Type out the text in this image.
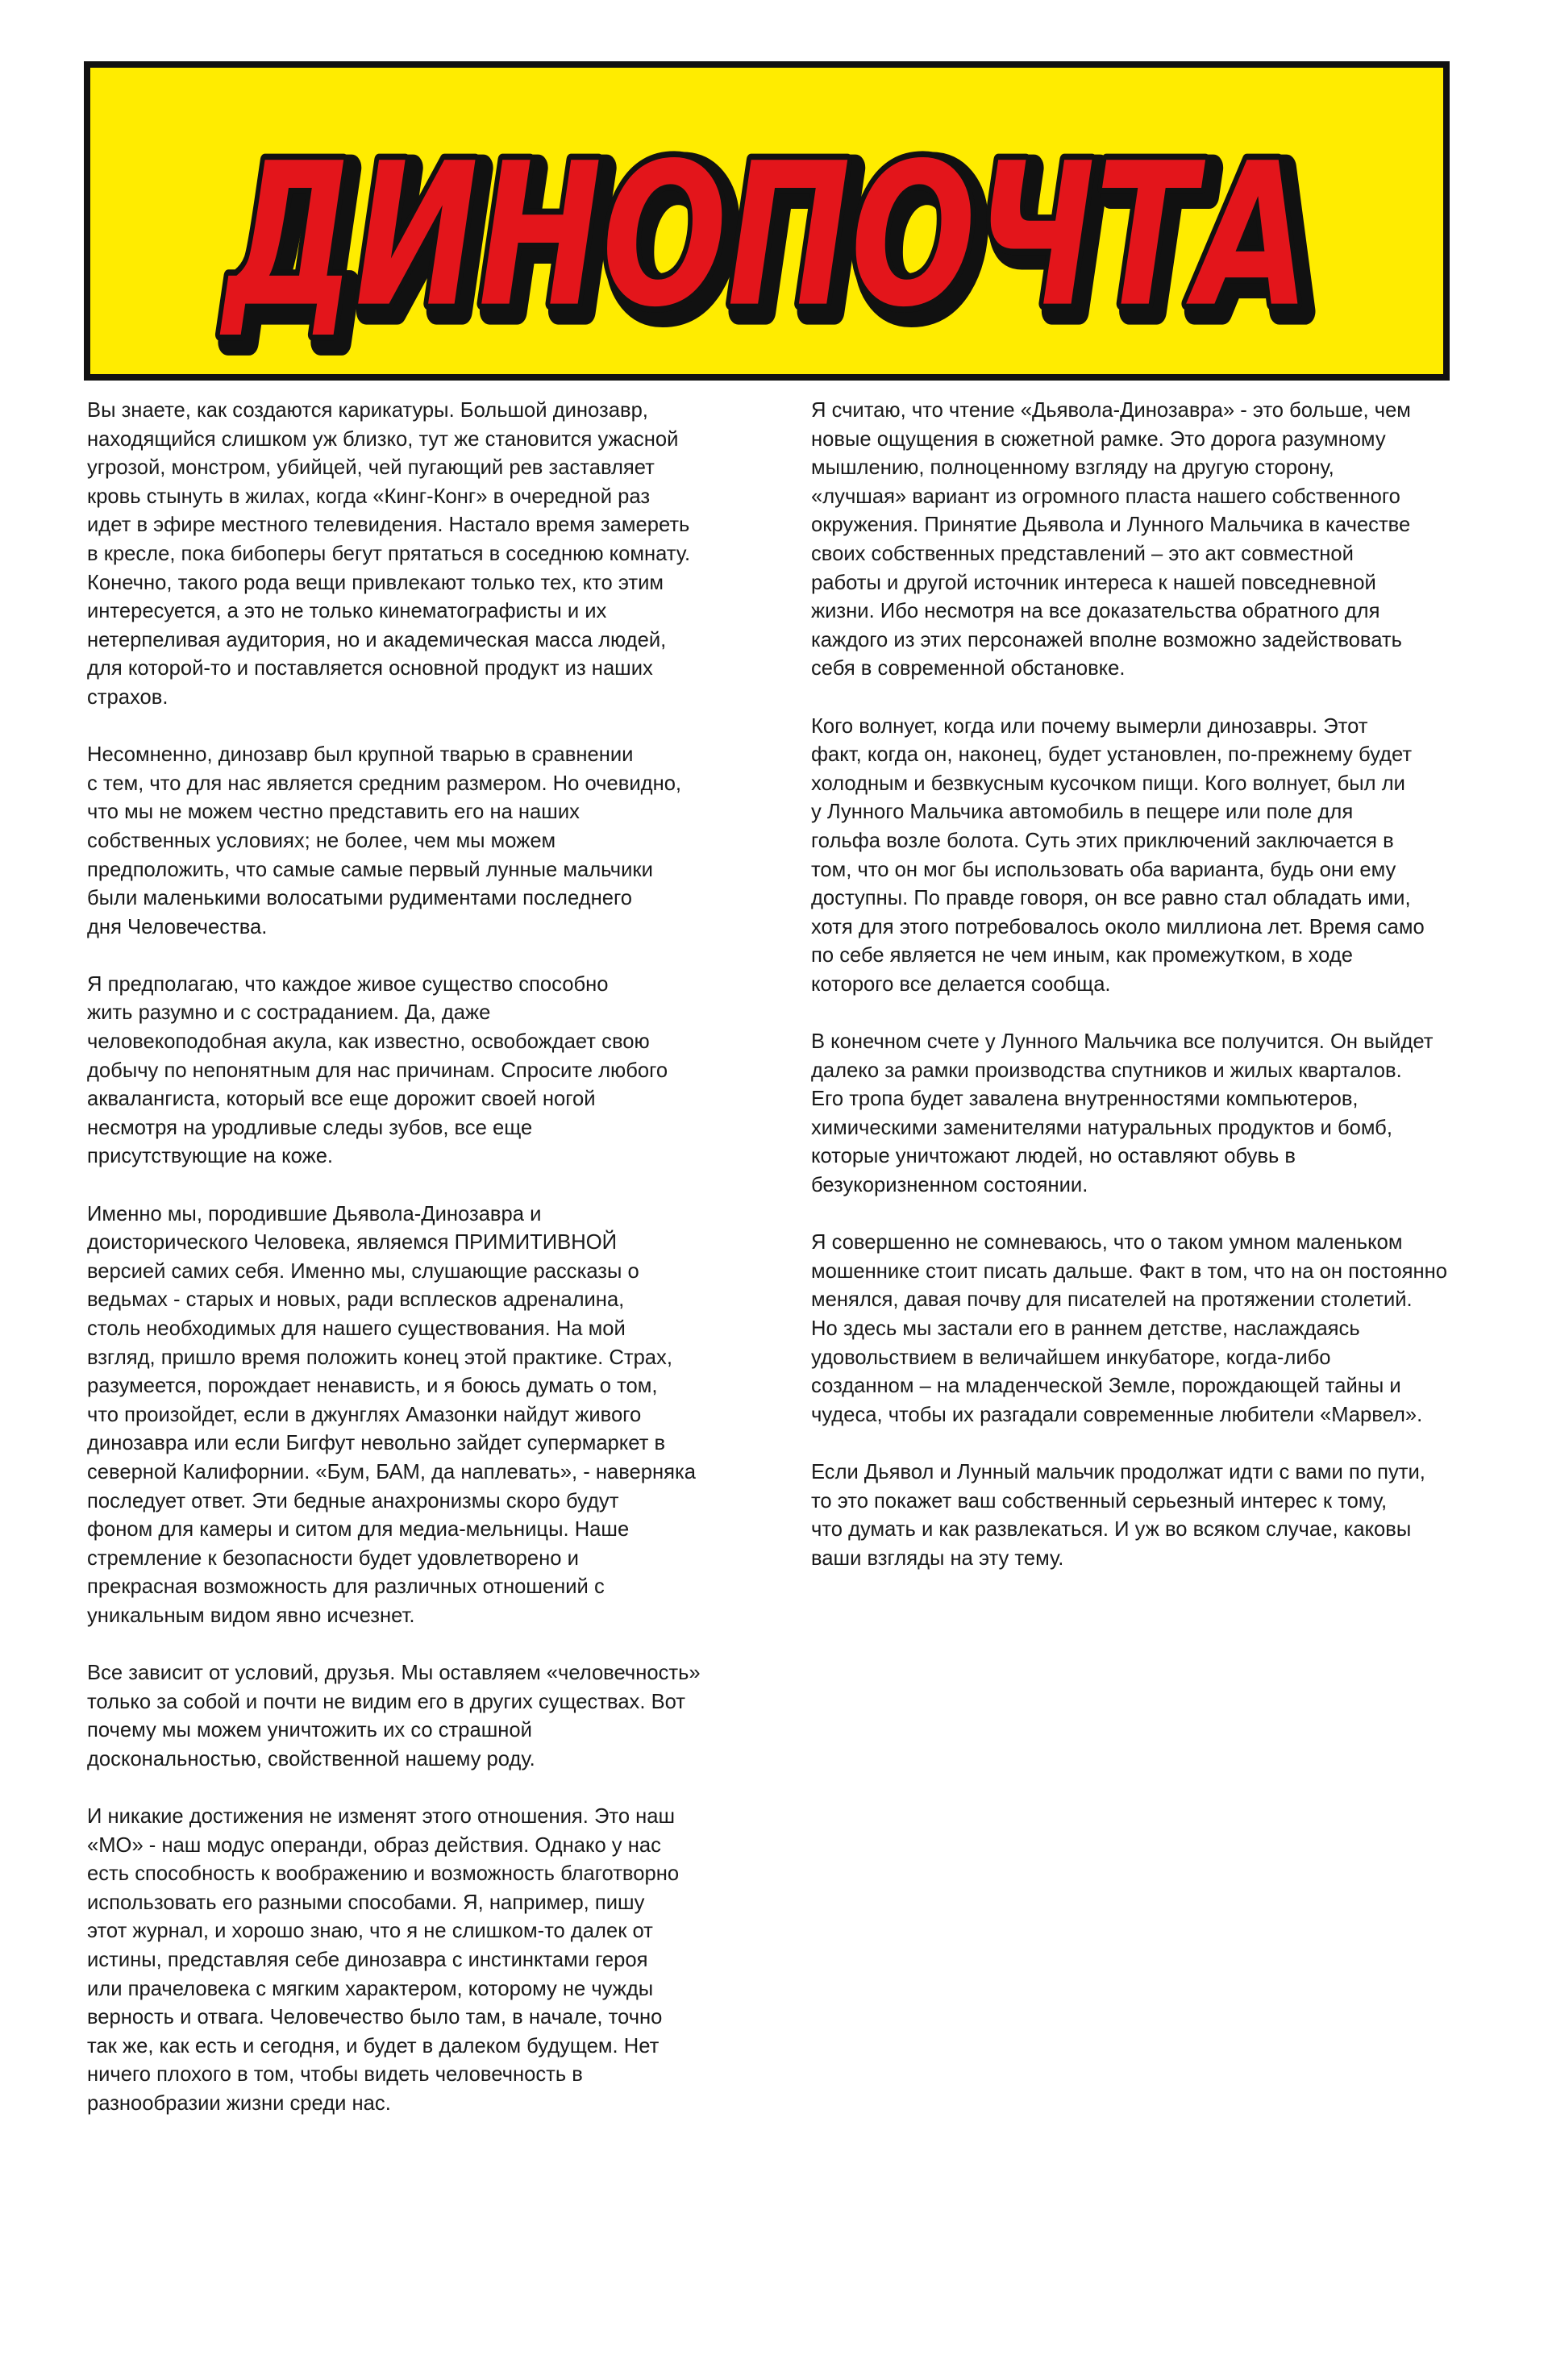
ДИНОПОЧТА
ДИНОПОЧТА

Вы знаете, как создаются карикатуры. Большой динозавр,
находящийся слишком уж близко, тут же становится ужасной
угрозой, монстром, убийцей, чей пугающий рев заставляет
кровь стынуть в жилах, когда «Кинг-Конг» в очередной раз
идет в эфире местного телевидения. Настало время замереть
в кресле, пока бибоперы бегут прятаться в соседнюю комнату.
Конечно, такого рода вещи привлекают только тех, кто этим
интересуется, а это не только кинематографисты и их
нетерпеливая аудитория, но и академическая масса людей,
для которой-то и поставляется основной продукт из наших
страхов.

Несомненно, динозавр был крупной тварью в сравнении
с тем, что для нас является средним размером. Но очевидно,
что мы не можем честно представить его на наших
собственных условиях; не более, чем мы можем
предположить, что самые самые первый лунные мальчики
были маленькими волосатыми рудиментами последнего
дня Человечества.

Я предполагаю, что каждое живое существо способно
жить разумно и с состраданием. Да, даже
человекоподобная акула, как известно, освобождает свою
добычу по непонятным для нас причинам. Спросите любого
аквалангиста, который все еще дорожит своей ногой
несмотря на уродливые следы зубов, все еще
присутствующие на коже.

Именно мы, породившие Дьявола-Динозавра и
доисторического Человека, являемся ПРИМИТИВНОЙ
версией самих себя. Именно мы, слушающие рассказы о
ведьмах - старых и новых, ради всплесков адреналина,
столь необходимых для нашего существования. На мой
взгляд, пришло время положить конец этой практике. Страх,
разумеется, порождает ненависть, и я боюсь думать о том,
что произойдет, если в джунглях Амазонки найдут живого
динозавра или если Бигфут невольно зайдет супермаркет в
северной Калифорнии. «Бум, БАМ, да наплевать», - наверняка
последует ответ. Эти бедные анахронизмы скоро будут
фоном для камеры и ситом для медиа-мельницы. Наше
стремление к безопасности будет удовлетворено и
прекрасная возможность для различных отношений с
уникальным видом явно исчезнет.

Все зависит от условий, друзья. Мы оставляем «человечность»
только за собой и почти не видим его в других существах. Вот
почему мы можем уничтожить их со страшной
доскональностью, свойственной нашему роду.

И никакие достижения не изменят этого отношения. Это наш
«МО» - наш модус операнди, образ действия. Однако у нас
есть способность к воображению и возможность благотворно
использовать его разными способами. Я, например, пишу
этот журнал, и хорошо знаю, что я не слишком-то далек от
истины, представляя себе динозавра с инстинктами героя
или прачеловека с мягким характером, которому не чужды
верность и отвага. Человечество было там, в начале, точно
так же, как есть и сегодня, и будет в далеком будущем. Нет
ничего плохого в том, чтобы видеть человечность в
разнообразии жизни среди нас.

Я считаю, что чтение «Дьявола-Динозавра» - это больше, чем
новые ощущения в сюжетной рамке. Это дорога разумному
мышлению, полноценному взгляду на другую сторону,
«лучшая» вариант из огромного пласта нашего собственного
окружения. Принятие Дьявола и Лунного Мальчика в качестве
своих собственных представлений – это акт совместной
работы и другой источник интереса к нашей повседневной
жизни. Ибо несмотря на все доказательства обратного для
каждого из этих персонажей вполне возможно задействовать
себя в современной обстановке.

Кого волнует, когда или почему вымерли динозавры. Этот
факт, когда он, наконец, будет установлен, по-прежнему будет
холодным и безвкусным кусочком пищи. Кого волнует, был ли
у Лунного Мальчика автомобиль в пещере или поле для
гольфа возле болота. Суть этих приключений заключается в
том, что он мог бы использовать оба варианта, будь они ему
доступны. По правде говоря, он все равно стал обладать ими,
хотя для этого потребовалось около миллиона лет. Время само
по себе является не чем иным, как промежутком, в ходе
которого все делается сообща.

В конечном счете у Лунного Мальчика все получится. Он выйдет
далеко за рамки производства спутников и жилых кварталов.
Его тропа будет завалена внутренностями компьютеров,
химическими заменителями натуральных продуктов и бомб,
которые уничтожают людей, но оставляют обувь в
безукоризненном состоянии.

Я совершенно не сомневаюсь, что о таком умном маленьком
мошеннике стоит писать дальше. Факт в том, что на он постоянно
менялся, давая почву для писателей на протяжении столетий.
Но здесь мы застали его в раннем детстве, наслаждаясь
удовольствием в величайшем инкубаторе, когда-либо
созданном – на младенческой Земле, порождающей тайны и
чудеса, чтобы их разгадали современные любители «Марвел».

Если Дьявол и Лунный мальчик продолжат идти с вами по пути,
то это покажет ваш собственный серьезный интерес к тому,
что думать и как развлекаться. И уж во всяком случае, каковы
ваши взгляды на эту тему.
